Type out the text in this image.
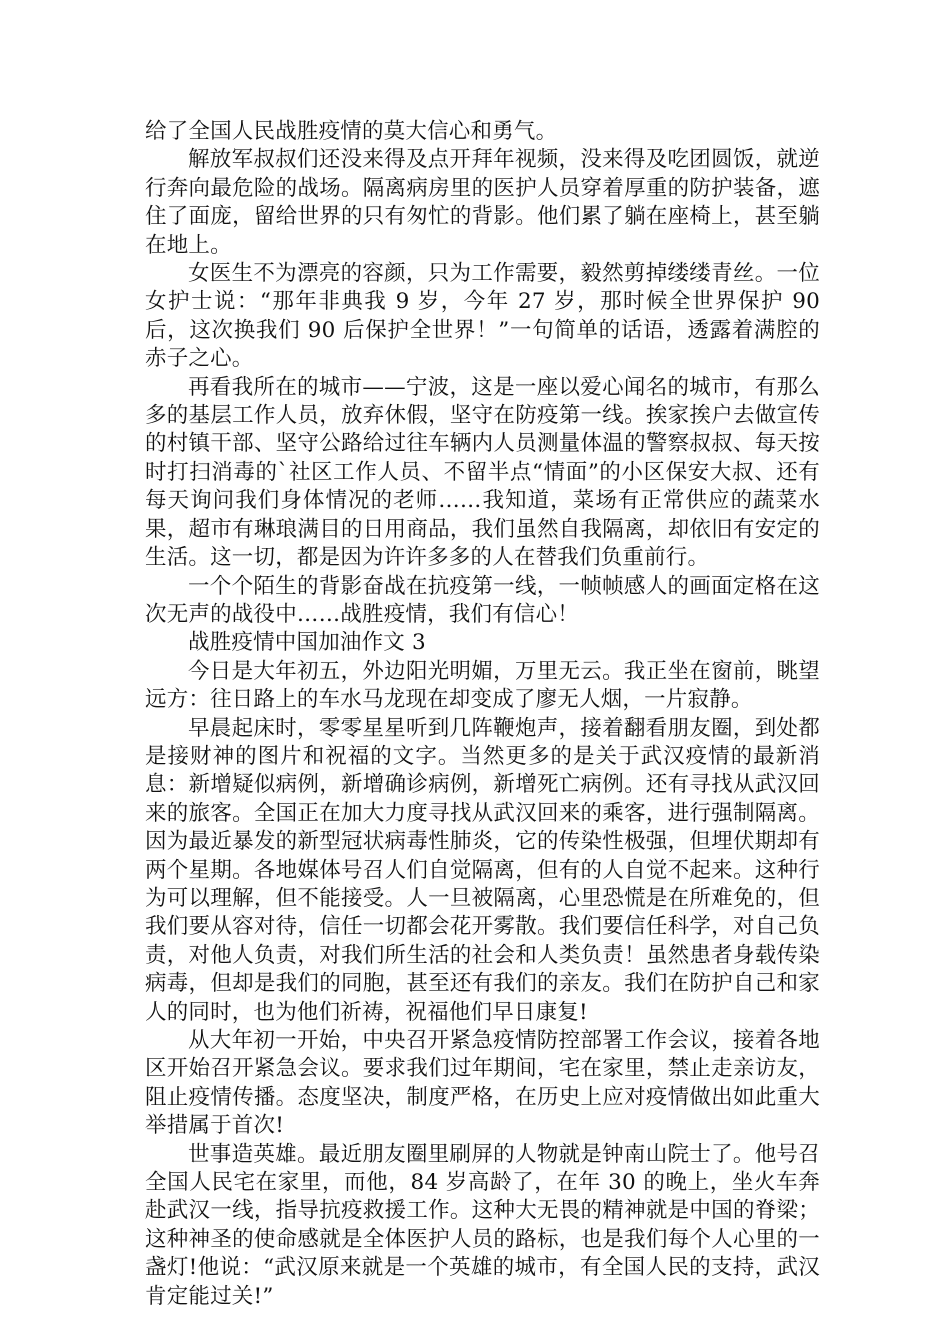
给了全国人民战胜疫情的莫大信心和勇气。

解放军叔叔们还没来得及点开拜年视频，没来得及吃团圆饭，就逆行奔向最危险的战场。隔离病房里的医护人员穿着厚重的防护装备，遮住了面庞，留给世界的只有匆忙的背影。他们累了躺在座椅上，甚至躺在地上。

女医生不为漂亮的容颜，只为工作需要，毅然剪掉缕缕青丝。一位女护士说：“那年非典我 9 岁，今年 27 岁，那时候全世界保护 90 后，这次换我们 90 后保护全世界！”一句简单的话语，透露着满腔的赤子之心。

再看我所在的城市——宁波，这是一座以爱心闻名的城市，有那么多的基层工作人员，放弃休假，坚守在防疫第一线。挨家挨户去做宣传的村镇干部、坚守公路给过往车辆内人员测量体温的警察叔叔、每天按时打扫消毒的`社区工作人员、不留半点“情面”的小区保安大叔、还有每天询问我们身体情况的老师……我知道，菜场有正常供应的蔬菜水果，超市有琳琅满目的日用商品，我们虽然自我隔离，却依旧有安定的生活。这一切，都是因为许许多多的人在替我们负重前行。

一个个陌生的背影奋战在抗疫第一线，一帧帧感人的画面定格在这次无声的战役中……战胜疫情，我们有信心！

战胜疫情中国加油作文 3

今日是大年初五，外边阳光明媚，万里无云。我正坐在窗前，眺望远方：往日路上的车水马龙现在却变成了廖无人烟，一片寂静。

早晨起床时，零零星星听到几阵鞭炮声，接着翻看朋友圈，到处都是接财神的图片和祝福的文字。当然更多的是关于武汉疫情的最新消息：新增疑似病例，新增确诊病例，新增死亡病例。还有寻找从武汉回来的旅客。全国正在加大力度寻找从武汉回来的乘客，进行强制隔离。因为最近暴发的新型冠状病毒性肺炎，它的传染性极强，但埋伏期却有两个星期。各地媒体号召人们自觉隔离，但有的人自觉不起来。这种行为可以理解，但不能接受。人一旦被隔离，心里恐慌是在所难免的，但我们要从容对待，信任一切都会花开雾散。我们要信任科学，对自己负责，对他人负责，对我们所生活的社会和人类负责！虽然患者身载传染病毒，但却是我们的同胞，甚至还有我们的亲友。我们在防护自己和家人的同时，也为他们祈祷，祝福他们早日康复!

从大年初一开始，中央召开紧急疫情防控部署工作会议，接着各地区开始召开紧急会议。要求我们过年期间，宅在家里，禁止走亲访友，阻止疫情传播。态度坚决，制度严格，在历史上应对疫情做出如此重大举措属于首次!

世事造英雄。最近朋友圈里刷屏的人物就是钟南山院士了。他号召全国人民宅在家里，而他，84 岁高龄了，在年 30 的晚上，坐火车奔赴武汉一线，指导抗疫救援工作。这种大无畏的精神就是中国的脊梁；这种神圣的使命感就是全体医护人员的路标，也是我们每个人心里的一盏灯!他说：“武汉原来就是一个英雄的城市，有全国人民的支持，武汉肯定能过关!”
